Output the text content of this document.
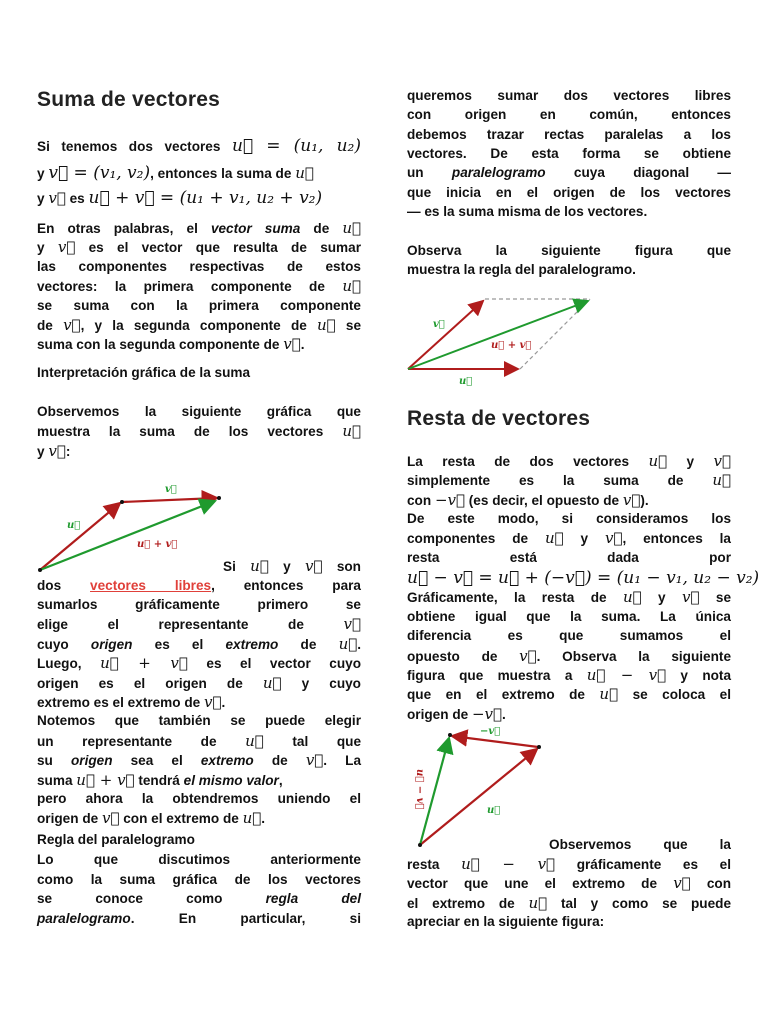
Suma de vectores
Si tenemos dos vectores u⃗ = (u₁, u₂)
y v⃗ = (v₁, v₂), entonces la suma de u⃗
y v⃗ es u⃗ + v⃗ = (u₁ + v₁, u₂ + v₂)
En otras palabras, el vector suma de u⃗
y v⃗ es el vector que resulta de sumar
las componentes respectivas de estos
vectores: la primera componente de u⃗
se suma con la primera componente
de v⃗, y la segunda componente de u⃗ se
suma con la segunda componente de v⃗.
Interpretación gráfica de la suma
Observemos la siguiente gráfica que
muestra la suma de los vectores u⃗
y v⃗:
v⃗
u⃗
u⃗ + v⃗
Si u⃗ y v⃗ son
dos vectores libres, entonces para
sumarlos gráficamente primero se
elige el representante de v⃗
cuyo origen es el extremo de u⃗.
Luego, u⃗ + v⃗ es el vector cuyo
origen es el origen de u⃗ y cuyo
extremo es el extremo de v⃗.
Notemos que también se puede elegir
un representante de u⃗ tal que
su origen sea el extremo de v⃗. La
suma u⃗ + v⃗ tendrá el mismo valor,
pero ahora la obtendremos uniendo el
origen de v⃗ con el extremo de u⃗.
Regla del paralelogramo
Lo que discutimos anteriormente
como la suma gráfica de los vectores
se conoce como regla del
paralelogramo. En particular, si
queremos sumar dos vectores libres
con origen en común, entonces
debemos trazar rectas paralelas a los
vectores. De esta forma se obtiene
un paralelogramo cuya diagonal —
que inicia en el origen de los vectores
— es la suma misma de los vectores.
Observa la siguiente figura que
muestra la regla del paralelogramo.
v⃗
u⃗ + v⃗
u⃗
Resta de vectores
La resta de dos vectores u⃗ y v⃗
simplemente es la suma de u⃗
con −v⃗ (es decir, el opuesto de v⃗).
De este modo, si consideramos los
componentes de u⃗ y v⃗, entonces la
resta está dada por
u⃗ − v⃗ = u⃗ + (−v⃗) = (u₁ − v₁, u₂ − v₂)
Gráficamente, la resta de u⃗ y v⃗ se
obtiene igual que la suma. La única
diferencia es que sumamos el
opuesto de v⃗. Observa la siguiente
figura que muestra a u⃗ − v⃗ y nota
que en el extremo de u⃗ se coloca el
origen de −v⃗.
−v⃗
u⃗ − v⃗
u⃗
Observemos que la
resta u⃗ − v⃗ gráficamente es el
vector que une el extremo de v⃗ con
el extremo de u⃗ tal y como se puede
apreciar en la siguiente figura:
